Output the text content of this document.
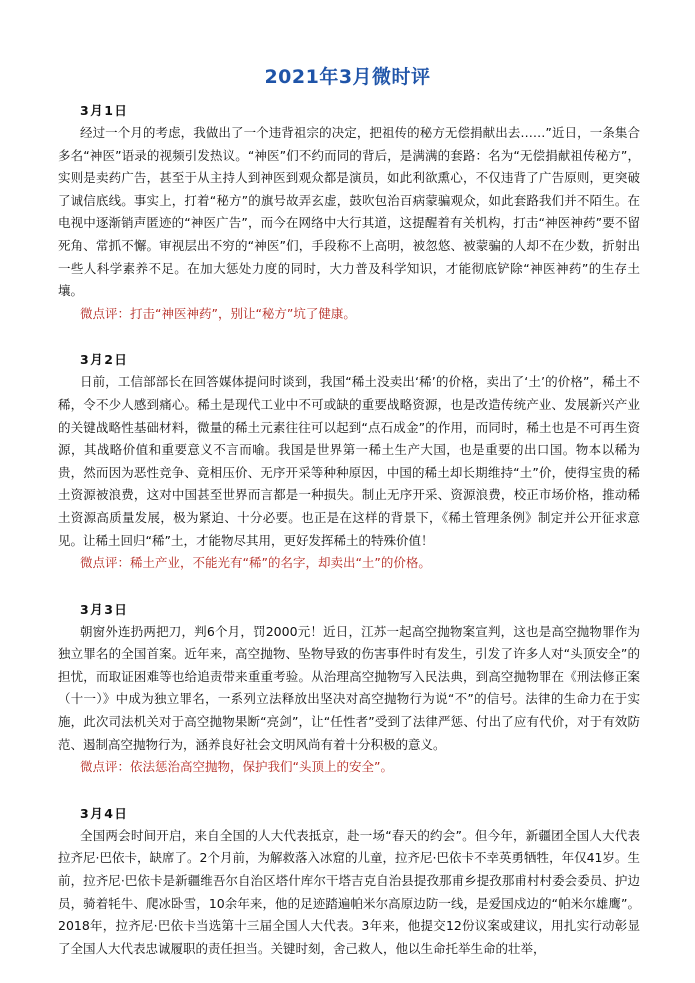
2021年3月微时评
3月1日

经过一个月的考虑，我做出了一个违背祖宗的决定，把祖传的秘方无偿捐献出去……”近日，一条集合多名“神医”语录的视频引发热议。“神医”们不约而同的背后，是满满的套路：名为“无偿捐献祖传秘方”，实则是卖药广告，甚至于从主持人到神医到观众都是演员，如此利欲熏心，不仅违背了广告原则，更突破了诚信底线。事实上，打着“秘方”的旗号故弄玄虚，鼓吹包治百病蒙骗观众，如此套路我们并不陌生。在电视中逐渐销声匿迹的“神医广告”，而今在网络中大行其道，这提醒着有关机构，打击“神医神药”要不留死角、常抓不懈。审视层出不穷的“神医”们，手段称不上高明，被忽悠、被蒙骗的人却不在少数，折射出一些人科学素养不足。在加大惩处力度的同时，大力普及科学知识，才能彻底铲除“神医神药”的生存土壤。

微点评：打击“神医神药”，别让“秘方”坑了健康。

3月2日

日前，工信部部长在回答媒体提问时谈到，我国“稀土没卖出‘稀’的价格，卖出了‘土’的价格”，稀土不稀，令不少人感到痛心。稀土是现代工业中不可或缺的重要战略资源，也是改造传统产业、发展新兴产业的关键战略性基础材料，微量的稀土元素往往可以起到“点石成金”的作用，而同时，稀土也是不可再生资源，其战略价值和重要意义不言而喻。我国是世界第一稀土生产大国，也是重要的出口国。物本以稀为贵，然而因为恶性竞争、竟相压价、无序开采等种种原因，中国的稀土却长期维持“土”价，使得宝贵的稀土资源被浪费，这对中国甚至世界而言都是一种损失。制止无序开采、资源浪费，校正市场价格，推动稀土资源高质量发展，极为紧迫、十分必要。也正是在这样的背景下，《稀土管理条例》制定并公开征求意见。让稀土回归“稀”土，才能物尽其用，更好发挥稀土的特殊价值！

微点评：稀土产业，不能光有“稀”的名字，却卖出“土”的价格。

3月3日

朝窗外连扔两把刀，判6个月，罚2000元！近日，江苏一起高空抛物案宣判，这也是高空抛物罪作为独立罪名的全国首案。近年来，高空抛物、坠物导致的伤害事件时有发生，引发了许多人对“头顶安全”的担忧，而取证困难等也给追责带来重重考验。从治理高空抛物写入民法典，到高空抛物罪在《刑法修正案（十一）》中成为独立罪名，一系列立法释放出坚决对高空抛物行为说“不”的信号。法律的生命力在于实施，此次司法机关对于高空抛物果断“亮剑”，让“任性者”受到了法律严惩、付出了应有代价，对于有效防范、遏制高空抛物行为，涵养良好社会文明风尚有着十分积极的意义。

微点评：依法惩治高空抛物，保护我们“头顶上的安全”。

3月4日

全国两会时间开启，来自全国的人大代表抵京，赴一场“春天的约会”。但今年，新疆团全国人大代表拉齐尼·巴依卡，缺席了。2个月前，为解救落入冰窟的儿童，拉齐尼·巴依卡不幸英勇牺牲，年仅41岁。生前，拉齐尼·巴依卡是新疆维吾尔自治区塔什库尔干塔吉克自治县提孜那甫乡提孜那甫村村委会委员、护边员，骑着牦牛、爬冰卧雪，10余年来，他的足迹踏遍帕米尔高原边防一线，是爱国戍边的“帕米尔雄鹰”。2018年，拉齐尼·巴依卡当选第十三届全国人大代表。3年来，他提交12份议案或建议，用扎实行动彰显了全国人大代表忠诚履职的责任担当。关键时刻，舍己救人，他以生命托举生命的壮举，
